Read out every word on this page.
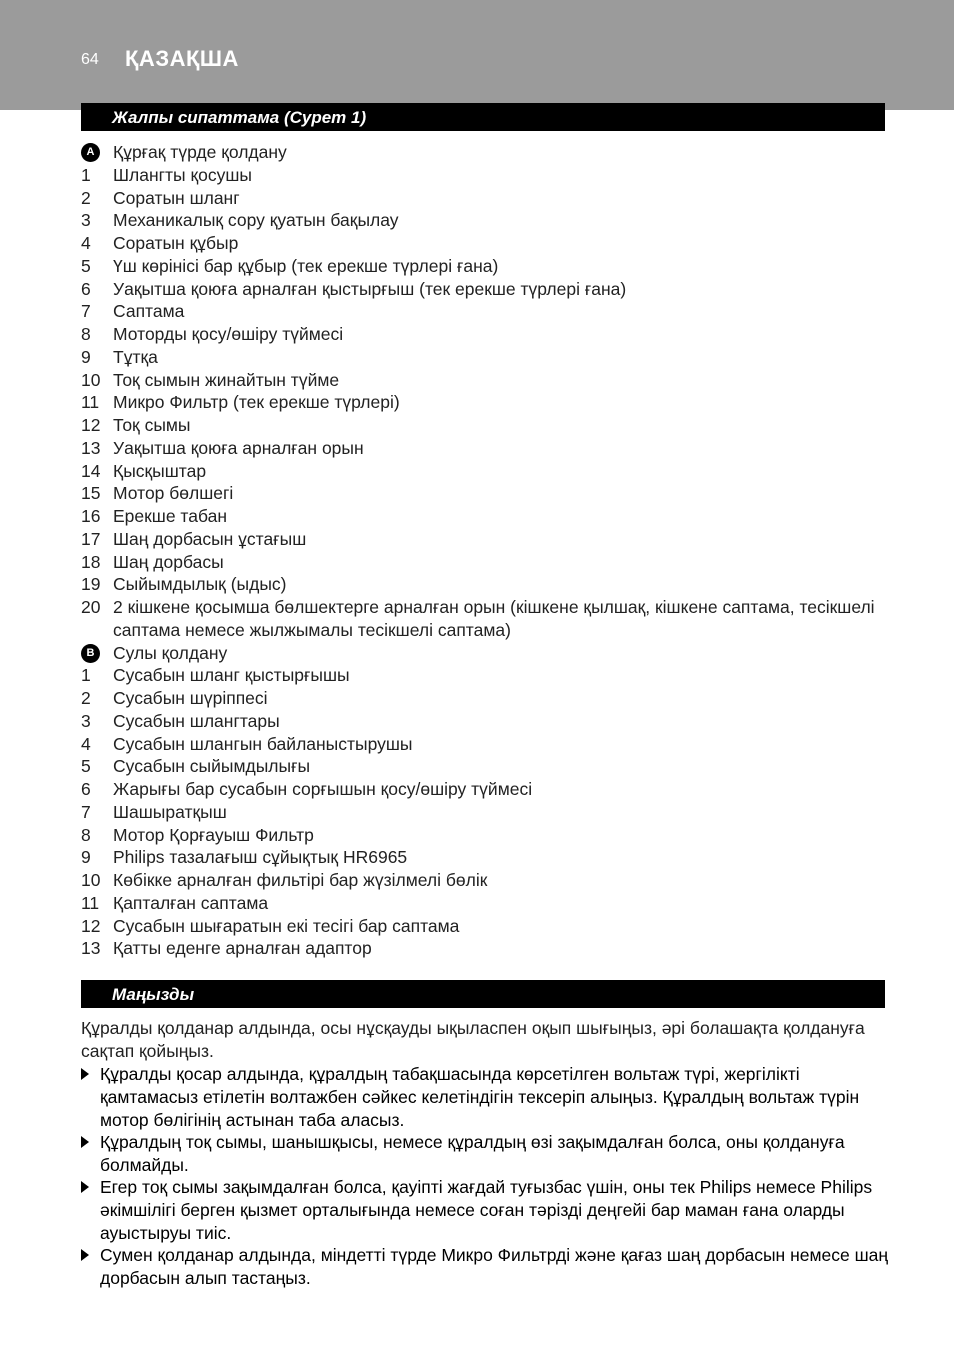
64 ҚАЗАҚША
Жалпы сипаттама (Сурет 1)
A	Құрғақ түрде қолдану
1	Шлангты қосушы
2	Соратын шланг
3	Механикалық сору қуатын бақылау
4	Соратын құбыр
5	Үш көрінісі бар құбыр (тек ерекше түрлері ғана)
6	Уақытша қоюға арналған қыстырғыш (тек ерекше түрлері ғана)
7	Саптама
8	Моторды қосу/өшіру түймесі
9	Тұтқа
10 Тоқ сымын жинайтын түйме
11 Микро Фильтр (тек ерекше түрлері)
12 Тоқ сымы
13 Уақытша қоюға арналған орын
14 Қысқыштар
15 Мотор бөлшегі
16 Ерекше табан
17 Шаң дорбасын ұстағыш
18 Шаң дорбасы
19 Сыйымдылық (ыдыс)
20 2 кішкене қосымша бөлшектерге арналған орын (кішкене қылшақ, кішкене саптама, тесікшелі саптама немесе жылжымалы тесікшелі саптама)
B	Сулы қолдану
1	Сусабын шланг қыстырғышы
2	Сусабын шүріппесі
3	Сусабын шлангтары
4	Сусабын шлангын байланыстырушы
5	Сусабын сыйымдылығы
6	Жарығы бар сусабын сорғышын қосу/өшіру түймесі
7	Шашыратқыш
8	Мотор Қорғауыш Фильтр
9	Philips тазалағыш сұйықтық HR6965
10 Көбікке арналған фильтірі бар жүзілмелі бөлік
11 Қапталған саптама
12 Сусабын шығаратын екі тесігі бар саптама
13 Қатты еденге арналған адаптор
Маңызды
Құралды қолданар алдында, осы нұсқауды ықыласпен оқып шығыңыз, әрі болашақта қолдануға сақтап қойыңыз.
Құралды қосар алдында, құралдың табақшасында көрсетілген вольтаж түрі, жергілікті қамтамасыз етілетін волтажбен сәйкес келетіндігін тексеріп алыңыз. Құралдың вольтаж түрін мотор бөлігінің астынан таба аласыз.
Құралдың тоқ сымы, шанышқысы, немесе құралдың өзі зақымдалған болса, оны қолдануға болмайды.
Егер тоқ сымы зақымдалған болса, қауіпті жағдай туғызбас үшін, оны тек Philips немесе Philips әкімшілігі берген қызмет орталығында немесе соған тәрізді деңгейі бар маман ғана оларды ауыстыруы тиіс.
Сумен қолданар алдында, міндетті түрде Микро Фильтрді және қағаз шаң дорбасын немесе шаң дорбасын алып тастаңыз.
